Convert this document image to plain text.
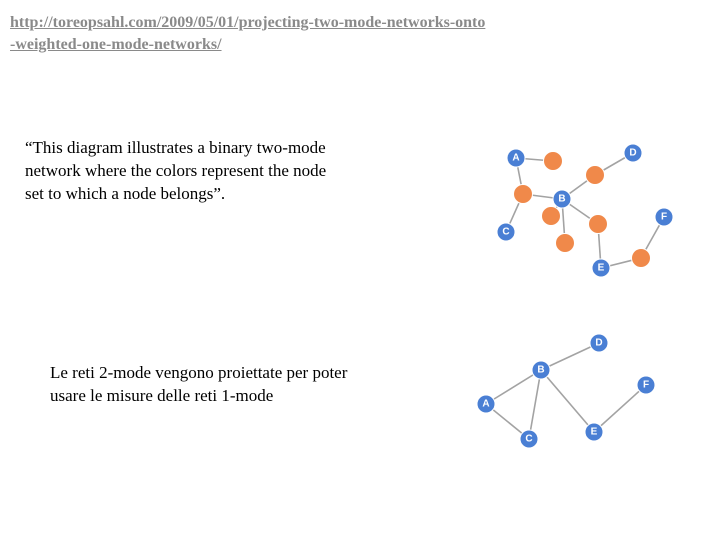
http://toreopsahl.com/2009/05/01/projecting-two-mode-networks-onto-weighted-one-mode-networks/
“This diagram illustrates a binary two-mode network where the colors represent the node set to which a node belongs”.
Le reti 2-mode vengono proiettate per poter usare le misure delle reti 1-mode
A
B
C
D
E
F
A
B
C
D
E
F
